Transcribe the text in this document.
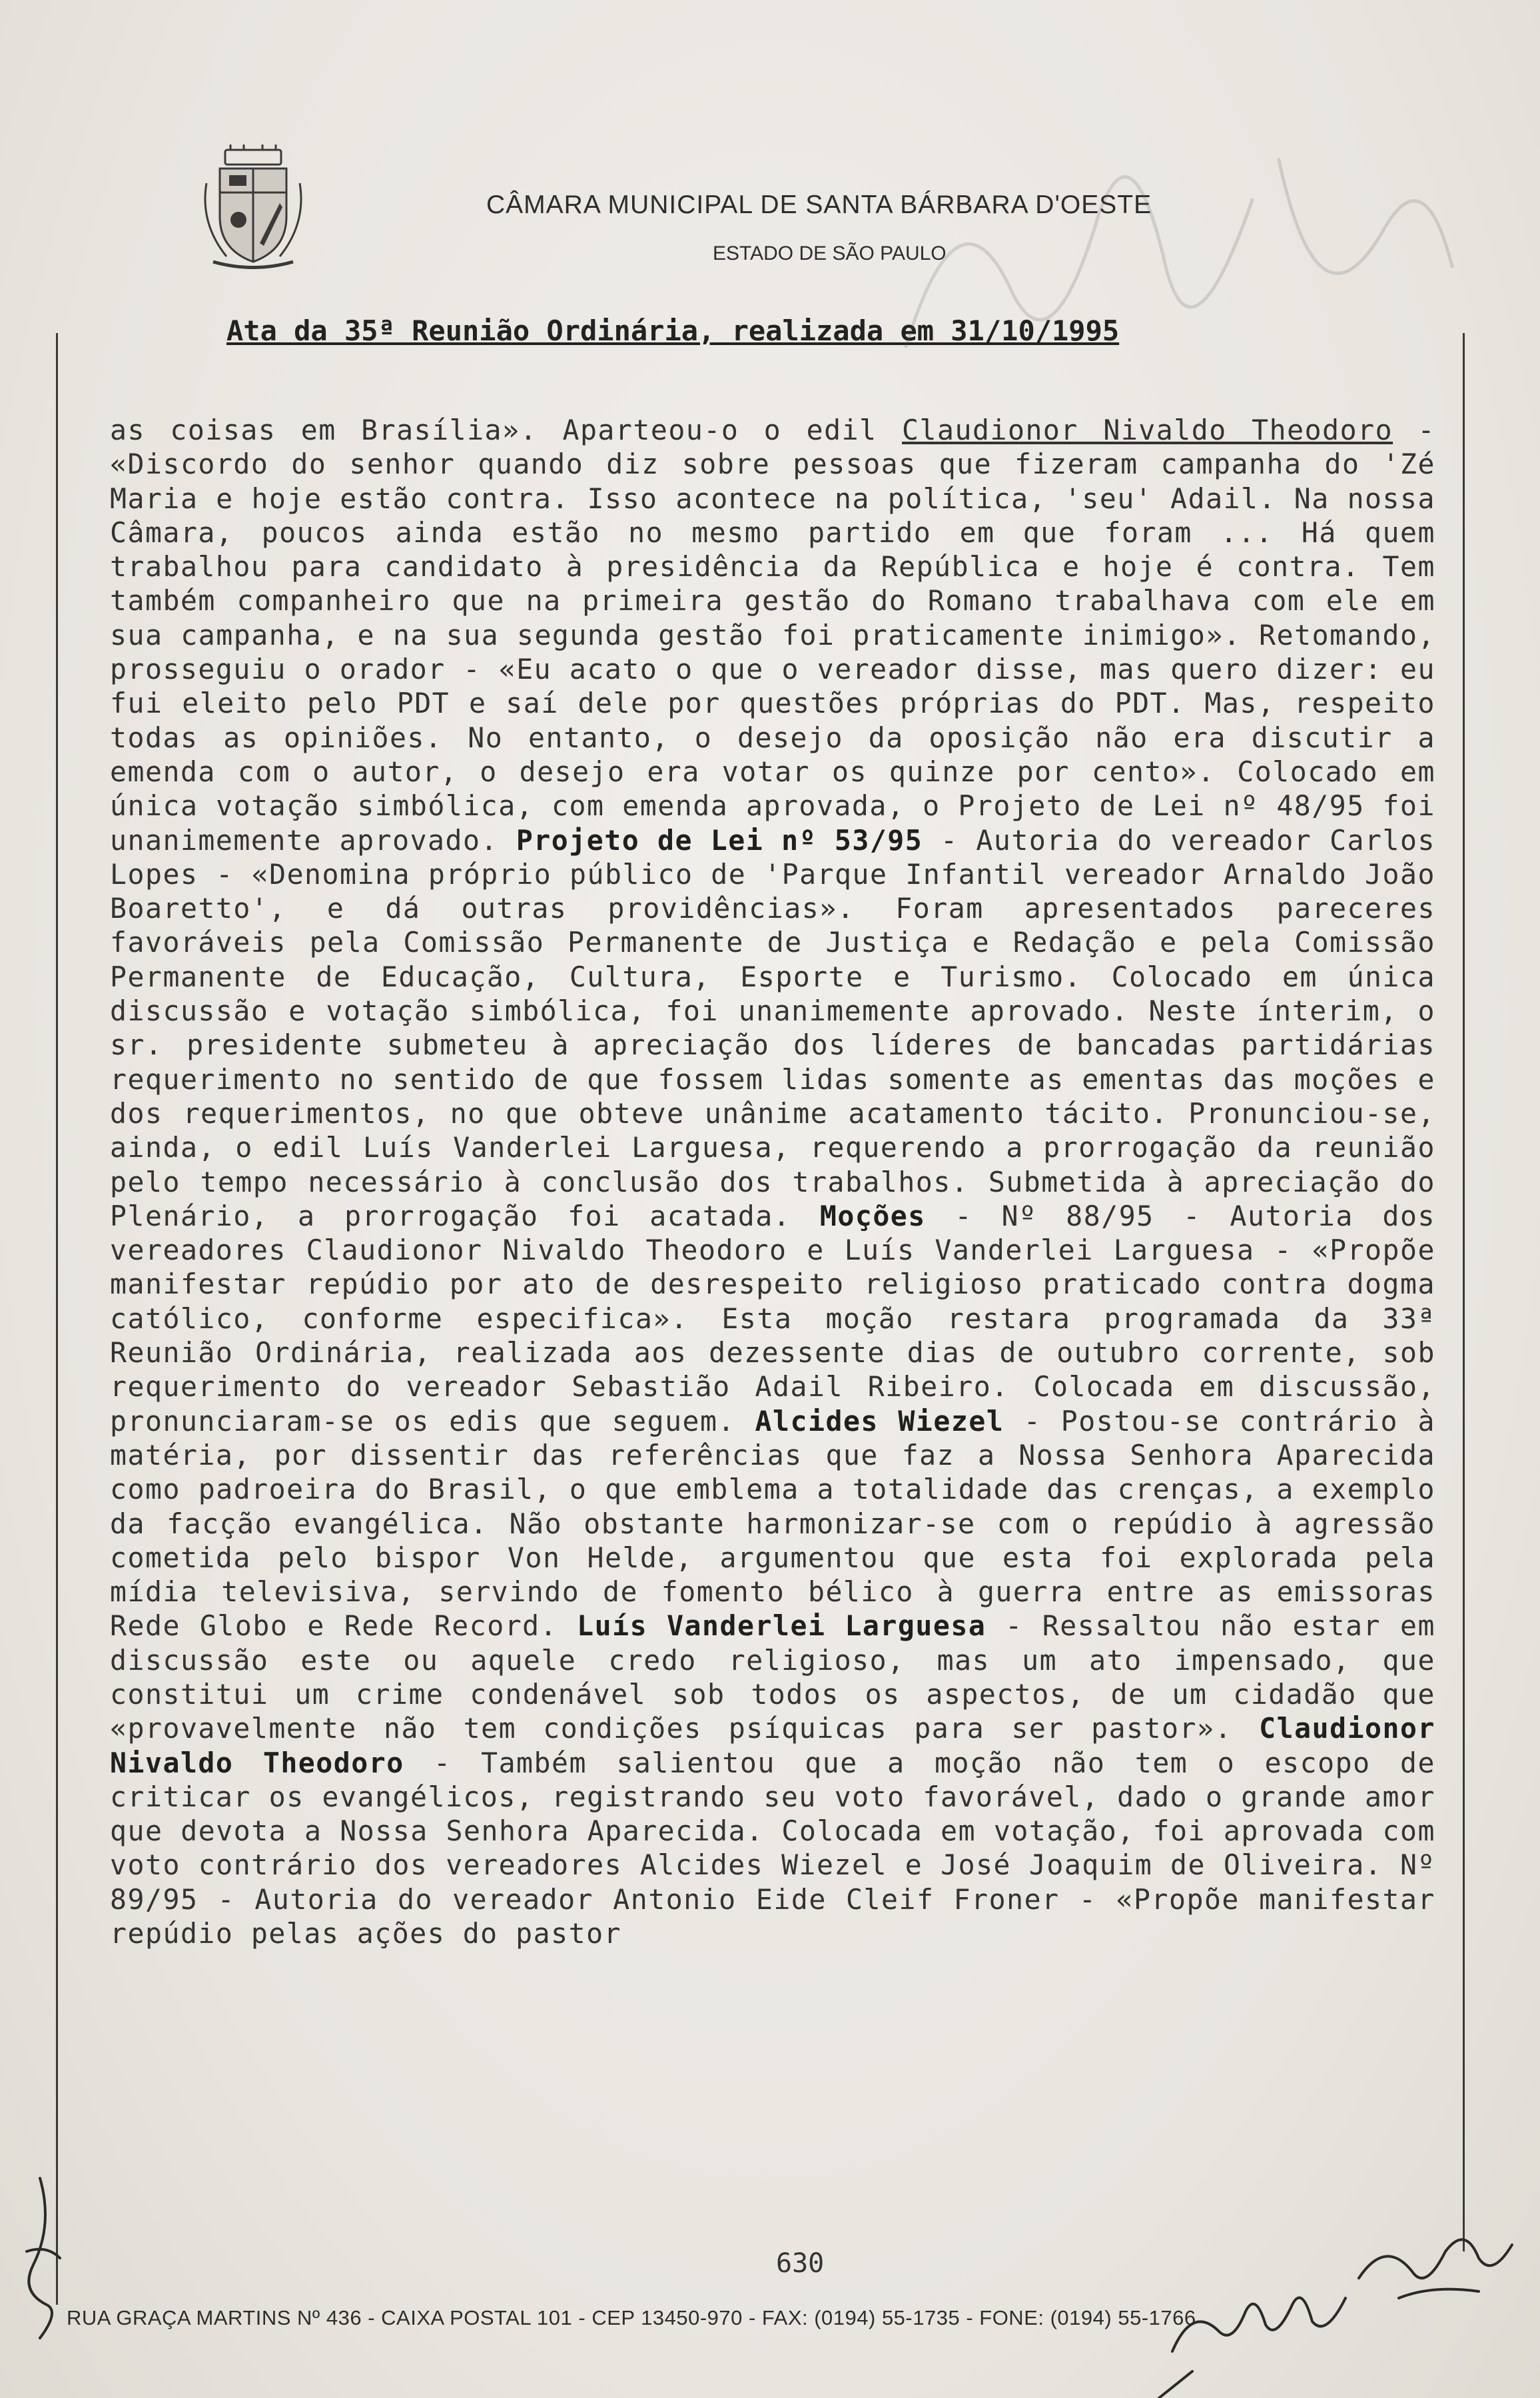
CÂMARA MUNICIPAL DE SANTA BÁRBARA D'OESTE
ESTADO DE SÃO PAULO
Ata da 35ª Reunião Ordinária, realizada em 31/10/1995

as coisas em Brasília». Aparteou-o o edil Claudionor Nivaldo Theodoro - «Discordo do senhor quando diz sobre pessoas que fizeram campanha do 'Zé Maria e hoje estão contra. Isso acontece na política, 'seu' Adail. Na nossa Câmara, poucos ainda estão no mesmo partido em que foram ... Há quem trabalhou para candidato à presidência da República e hoje é contra. Tem também companheiro que na primeira gestão do Romano trabalhava com ele em sua campanha, e na sua segunda gestão foi praticamente inimigo». Retomando, prosseguiu o orador - «Eu acato o que o vereador disse, mas quero dizer: eu fui eleito pelo PDT e saí dele por questões próprias do PDT. Mas, respeito todas as opiniões. No entanto, o desejo da oposição não era discutir a emenda com o autor, o desejo era votar os quinze por cento». Colocado em única votação simbólica, com emenda aprovada, o Projeto de Lei nº 48/95 foi unanimemente aprovado. Projeto de Lei nº 53/95 - Autoria do vereador Carlos Lopes - «Denomina próprio público de 'Parque Infantil vereador Arnaldo João Boaretto', e dá outras providências». Foram apresentados pareceres favoráveis pela Comissão Permanente de Justiça e Redação e pela Comissão Permanente de Educação, Cultura, Esporte e Turismo. Colocado em única discussão e votação simbólica, foi unanimemente aprovado. Neste ínterim, o sr. presidente submeteu à apreciação dos líderes de bancadas partidárias requerimento no sentido de que fossem lidas somente as ementas das moções e dos requerimentos, no que obteve unânime acatamento tácito. Pronunciou-se, ainda, o edil Luís Vanderlei Larguesa, requerendo a prorrogação da reunião pelo tempo necessário à conclusão dos trabalhos. Submetida à apreciação do Plenário, a prorrogação foi acatada. Moções - Nº 88/95 - Autoria dos vereadores Claudionor Nivaldo Theodoro e Luís Vanderlei Larguesa - «Propõe manifestar repúdio por ato de desrespeito religioso praticado contra dogma católico, conforme especifica». Esta moção restara programada da 33ª Reunião Ordinária, realizada aos dezessente dias de outubro corrente, sob requerimento do vereador Sebastião Adail Ribeiro. Colocada em discussão, pronunciaram-se os edis que seguem. Alcides Wiezel - Postou-se contrário à matéria, por dissentir das referências que faz a Nossa Senhora Aparecida como padroeira do Brasil, o que emblema a totalidade das crenças, a exemplo da facção evangélica. Não obstante harmonizar-se com o repúdio à agressão cometida pelo bispor Von Helde, argumentou que esta foi explorada pela mídia televisiva, servindo de fomento bélico à guerra entre as emissoras Rede Globo e Rede Record. Luís Vanderlei Larguesa - Ressaltou não estar em discussão este ou aquele credo religioso, mas um ato impensado, que constitui um crime condenável sob todos os aspectos, de um cidadão que «provavelmente não tem condições psíquicas para ser pastor». Claudionor Nivaldo Theodoro - Também salientou que a moção não tem o escopo de criticar os evangélicos, registrando seu voto favorável, dado o grande amor que devota a Nossa Senhora Aparecida. Colocada em votação, foi aprovada com voto contrário dos vereadores Alcides Wiezel e José Joaquim de Oliveira. Nº 89/95 - Autoria do vereador Antonio Eide Cleif Froner - «Propõe manifestar repúdio pelas ações do pastor

630
RUA GRAÇA MARTINS Nº 436 - CAIXA POSTAL 101 - CEP 13450-970 - FAX: (0194) 55-1735 - FONE: (0194) 55-1766
